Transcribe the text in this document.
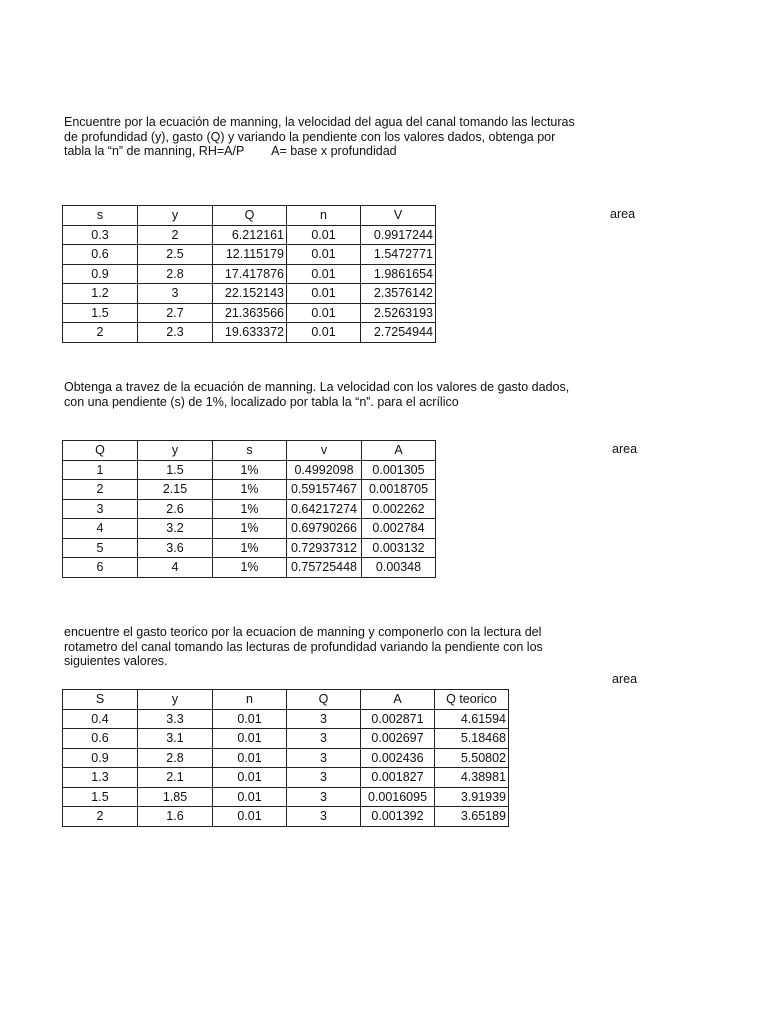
Encuentre por la ecuación de manning, la velocidad del agua del canal tomando las lecturas
de profundidad (y), gasto (Q) y variando la pendiente con los valores dados, obtenga por
tabla la “n” de manning, RH=A/P        A= base x profundidad
area
s	y	Q	n	V
0.3	2	6.212161	0.01	0.9917244
0.6	2.5	12.115179	0.01	1.5472771
0.9	2.8	17.417876	0.01	1.9861654
1.2	3	22.152143	0.01	2.3576142
1.5	2.7	21.363566	0.01	2.5263193
2	2.3	19.633372	0.01	2.7254944
Obtenga a travez de la ecuación de manning. La velocidad con los valores de gasto dados,
con una pendiente (s) de 1%, localizado por tabla la “n”. para el acrílico
area
Q	y	s	v	A
1	1.5	1%	0.4992098	0.001305
2	2.15	1%	0.59157467	0.0018705
3	2.6	1%	0.64217274	0.002262
4	3.2	1%	0.69790266	0.002784
5	3.6	1%	0.72937312	0.003132
6	4	1%	0.75725448	0.00348
encuentre el gasto teorico por la ecuacion de manning y componerlo con la lectura del
rotametro del canal tomando las lecturas de profundidad variando la pendiente con los
siguientes valores.
area
S	y	n	Q	A	Q teorico
0.4	3.3	0.01	3	0.002871	4.61594
0.6	3.1	0.01	3	0.002697	5.18468
0.9	2.8	0.01	3	0.002436	5.50802
1.3	2.1	0.01	3	0.001827	4.38981
1.5	1.85	0.01	3	0.0016095	3.91939
2	1.6	0.01	3	0.001392	3.65189
